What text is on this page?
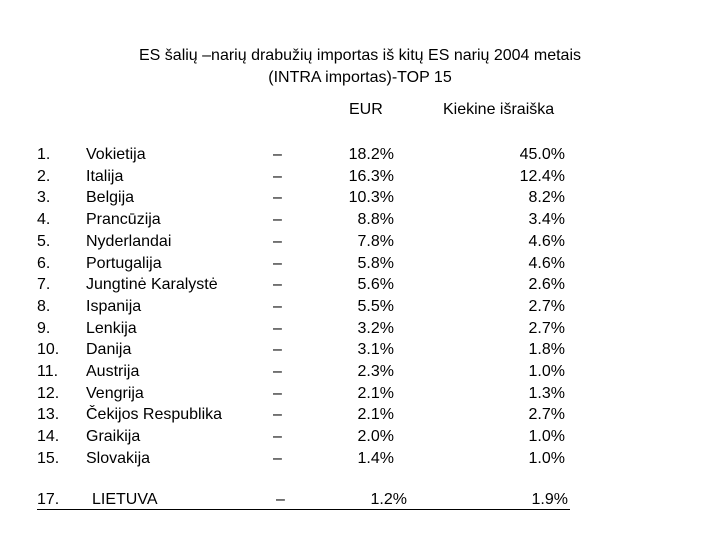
ES šalių –narių drabužių importas iš kitų ES narių 2004 metais
(INTRA importas)-TOP 15
EUR	Kiekine išraiška
1. Vokietija	–	18.2%	45.0%
2. Italija	–	16.3%	12.4%
3. Belgija	–	10.3%	8.2%
4. Prancūzija	–	8.8%	3.4%
5. Nyderlandai	–	7.8%	4.6%
6. Portugalija	–	5.8%	4.6%
7. Jungtinė Karalystė	–	5.6%	2.6%
8. Ispanija	–	5.5%	2.7%
9. Lenkija	–	3.2%	2.7%
10. Danija	–	3.1%	1.8%
11. Austrija	–	2.3%	1.0%
12. Vengrija	–	2.1%	1.3%
13. Čekijos Respublika	–	2.1%	2.7%
14. Graikija	–	2.0%	1.0%
15. Slovakija	–	1.4%	1.0%
17. LIETUVA	–	1.2%	1.9%
